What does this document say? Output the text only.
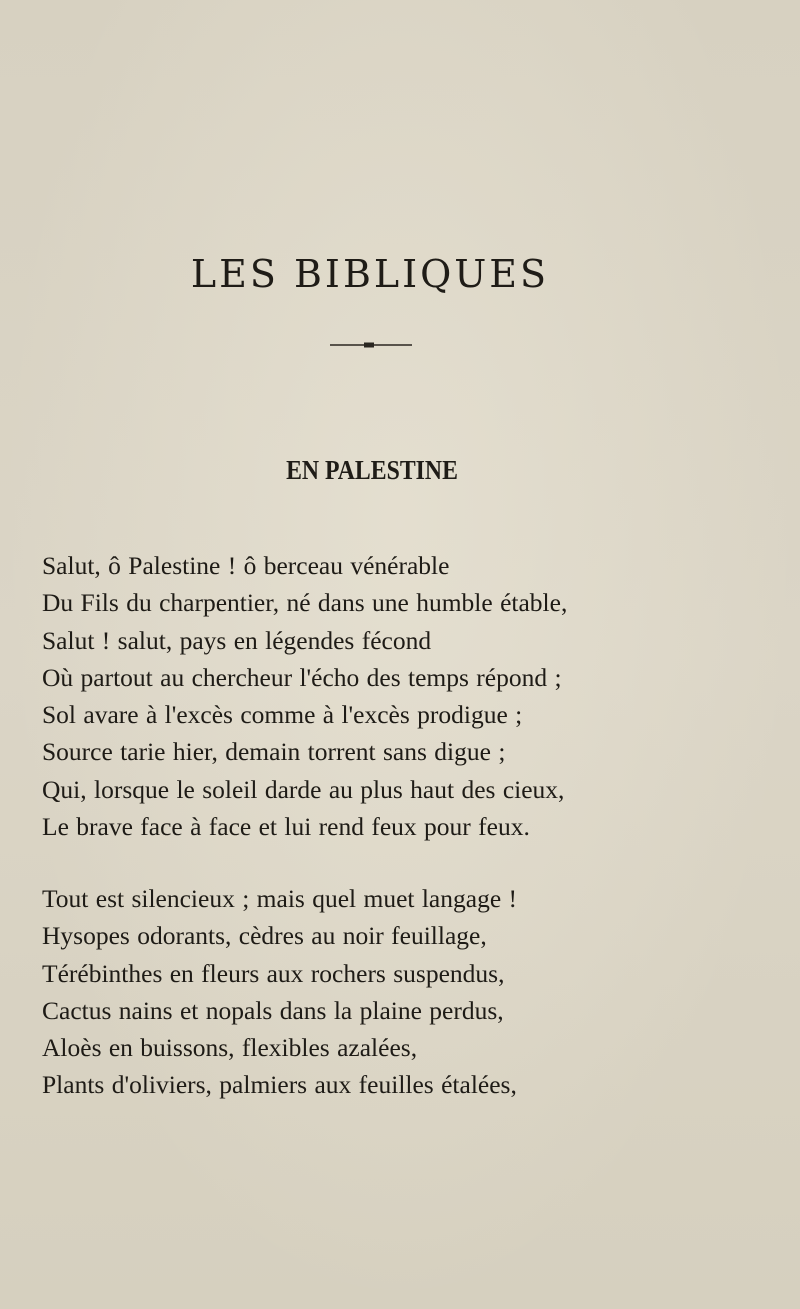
LES BIBLIQUES
EN PALESTINE
Salut, ô Palestine ! ô berceau vénérable
Du Fils du charpentier, né dans une humble étable,
Salut ! salut, pays en légendes fécond
Où partout au chercheur l'écho des temps répond ;
Sol avare à l'excès comme à l'excès prodigue ;
Source tarie hier, demain torrent sans digue ;
Qui, lorsque le soleil darde au plus haut des cieux,
Le brave face à face et lui rend feux pour feux.
Tout est silencieux ; mais quel muet langage !
Hysopes odorants, cèdres au noir feuillage,
Térébinthes en fleurs aux rochers suspendus,
Cactus nains et nopals dans la plaine perdus,
Aloès en buissons, flexibles azalées,
Plants d'oliviers, palmiers aux feuilles étalées,
